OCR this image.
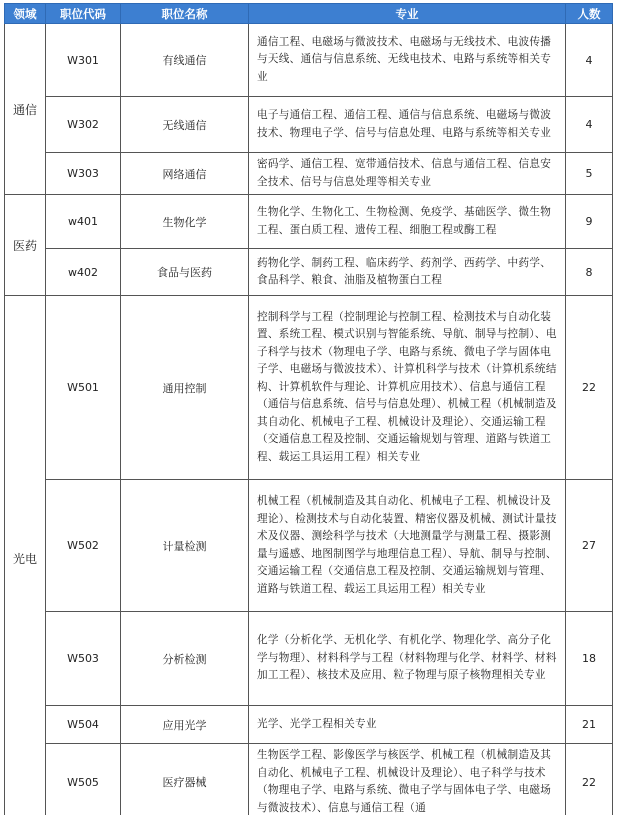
领域	职位代码	职位名称	专业	人数
通信	W301	有线通信	通信工程、电磁场与微波技术、电磁场与无线技术、电波传播与天线、通信与信息系统、无线电技术、电路与系统等相关专业	4
	W302	无线通信	电子与通信工程、通信工程、通信与信息系统、电磁场与微波技术、物理电子学、信号与信息处理、电路与系统等相关专业	4
	W303	网络通信	密码学、通信工程、宽带通信技术、信息与通信工程、信息安全技术、信号与信息处理等相关专业	5
医药	w401	生物化学	生物化学、生物化工、生物检测、免疫学、基础医学、微生物工程、蛋白质工程、遗传工程、细胞工程或酶工程	9
	w402	食品与医药	药物化学、制药工程、临床药学、药剂学、西药学、中药学、食品科学、粮食、油脂及植物蛋白工程	8
光电	W501	通用控制	控制科学与工程（控制理论与控制工程、检测技术与自动化装置、系统工程、模式识别与智能系统、导航、制导与控制）、电子科学与技术（物理电子学、电路与系统、微电子学与固体电子学、电磁场与微波技术）、计算机科学与技术（计算机系统结构、计算机软件与理论、计算机应用技术）、信息与通信工程（通信与信息系统、信号与信息处理）、机械工程（机械制造及其自动化、机械电子工程、机械设计及理论）、交通运输工程（交通信息工程及控制、交通运输规划与管理、道路与铁道工程、载运工具运用工程）相关专业	22
	W502	计量检测	机械工程（机械制造及其自动化、机械电子工程、机械设计及理论）、检测技术与自动化装置、精密仪器及机械、测试计量技术及仪器、测绘科学与技术（大地测量学与测量工程、摄影测量与遥感、地图制图学与地理信息工程）、导航、制导与控制、交通运输工程（交通信息工程及控制、交通运输规划与管理、道路与铁道工程、载运工具运用工程）相关专业	27
	W503	分析检测	化学（分析化学、无机化学、有机化学、物理化学、高分子化学与物理）、材料科学与工程（材料物理与化学、材料学、材料加工工程）、核技术及应用、粒子物理与原子核物理相关专业	18
	W504	应用光学	光学、光学工程相关专业	21
	W505	医疗器械	生物医学工程、影像医学与核医学、机械工程（机械制造及其自动化、机械电子工程、机械设计及理论）、电子科学与技术（物理电子学、电路与系统、微电子学与固体电子学、电磁场与微波技术）、信息与通信工程（通	22
